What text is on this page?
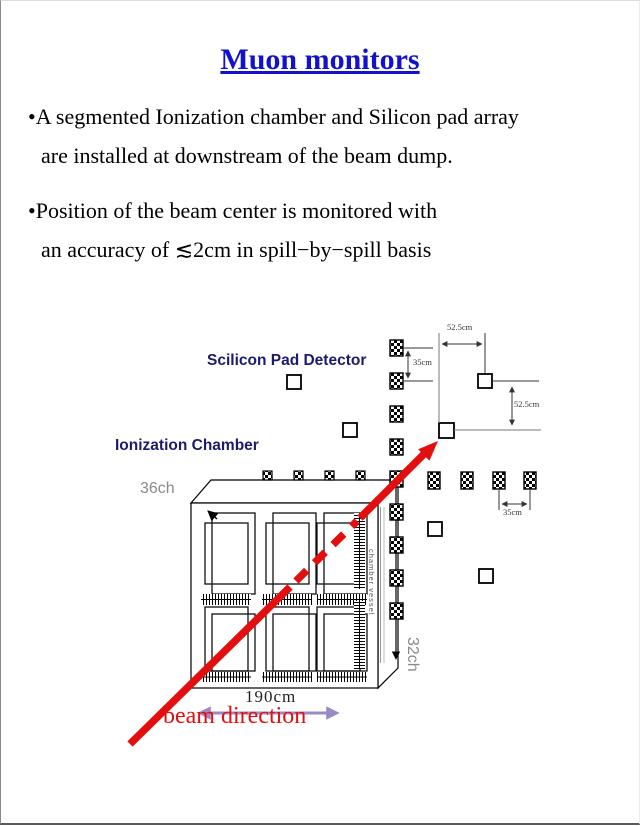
Muon monitors
•A segmented Ionization chamber and Silicon pad array
are installed at downstream of the beam dump.
•Position of the beam center is monitored with
an accuracy of ≲2cm in spill−by−spill basis
Scilicon Pad Detector
Ionization Chamber
36ch
32ch
chamber vessel
190cm
beam direction
52.5cm
52.5cm
35cm
35cm
